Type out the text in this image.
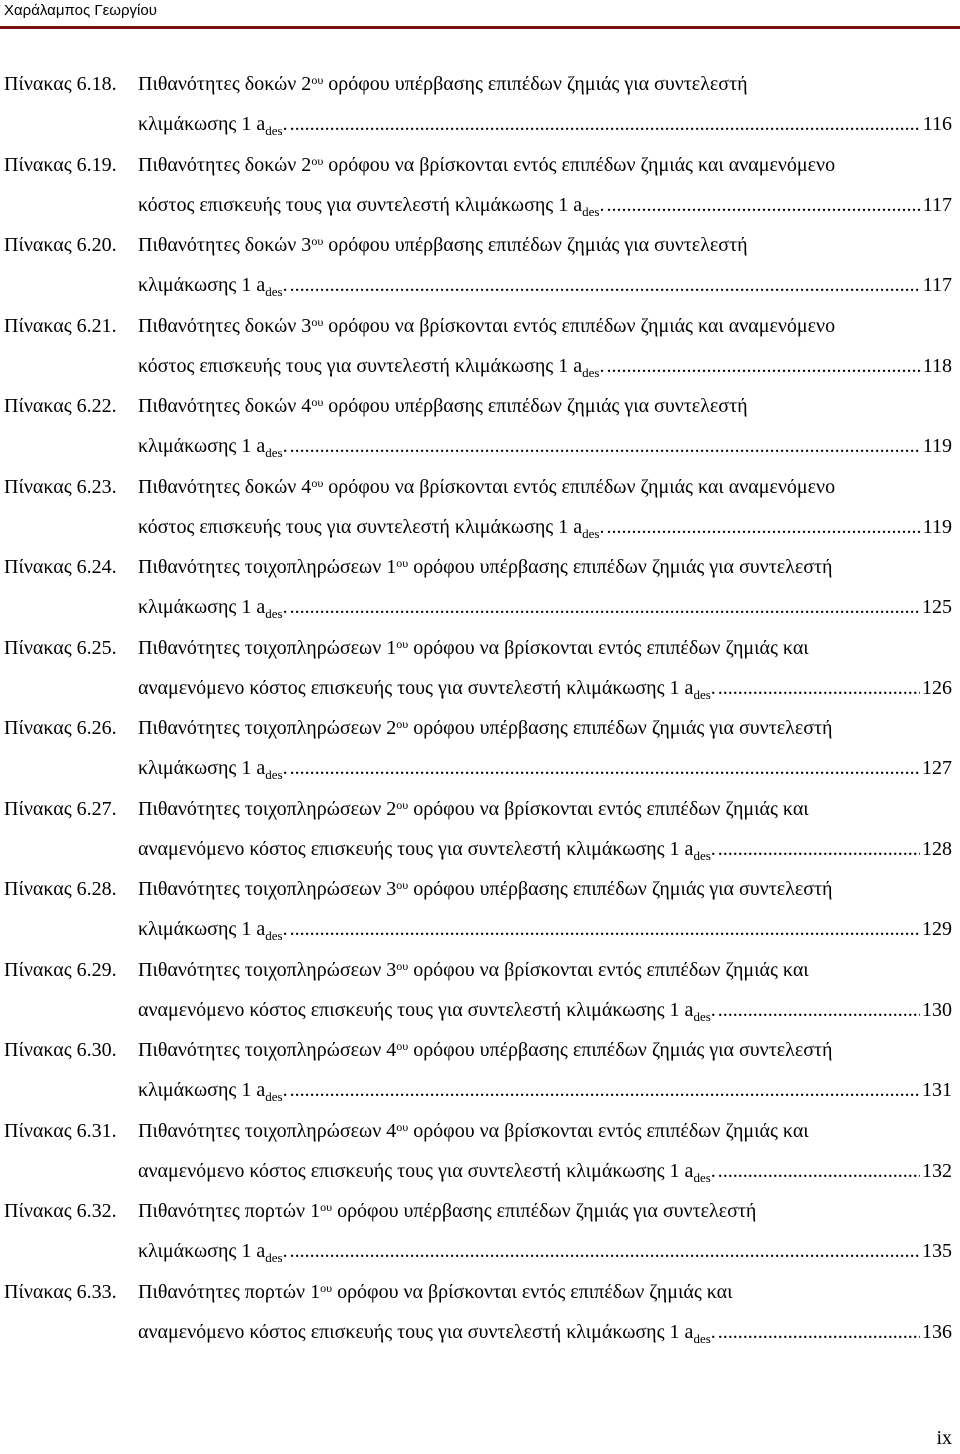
Χαράλαμπος Γεωργίου
Πίνακας 6.18. Πιθανότητες δοκών $2^{o\upsilon}$ ορόφου υπέρβασης επιπέδων ζημιάς για συντελεστή
κλιμάκωσης 1 $a_{des}$. .....	116
Πίνακας 6.19. Πιθανότητες δοκών $2^{o\upsilon}$ ορόφου να βρίσκονται εντός επιπέδων ζημιάς και αναμενόμενο
κόστος επισκευής τους για συντελεστή κλιμάκωσης 1 $a_{des}$. .....	117
Πίνακας 6.20. Πιθανότητες δοκών $3^{o\upsilon}$ ορόφου υπέρβασης επιπέδων ζημιάς για συντελεστή
κλιμάκωσης 1 $a_{des}$. .....	117
Πίνακας 6.21. Πιθανότητες δοκών $3^{o\upsilon}$ ορόφου να βρίσκονται εντός επιπέδων ζημιάς και αναμενόμενο
κόστος επισκευής τους για συντελεστή κλιμάκωσης 1 $a_{des}$. .....	118
Πίνακας 6.22. Πιθανότητες δοκών $4^{o\upsilon}$ ορόφου υπέρβασης επιπέδων ζημιάς για συντελεστή
κλιμάκωσης 1 $a_{des}$. .....	119
Πίνακας 6.23. Πιθανότητες δοκών $4^{o\upsilon}$ ορόφου να βρίσκονται εντός επιπέδων ζημιάς και αναμενόμενο
κόστος επισκευής τους για συντελεστή κλιμάκωσης 1 $a_{des}$. .....	119
Πίνακας 6.24. Πιθανότητες τοιχοπληρώσεων $1^{o\upsilon}$ ορόφου υπέρβασης επιπέδων ζημιάς για συντελεστή
κλιμάκωσης 1 $a_{des}$. .....	125
Πίνακας 6.25. Πιθανότητες τοιχοπληρώσεων $1^{o\upsilon}$ ορόφου να βρίσκονται εντός επιπέδων ζημιάς και
αναμενόμενο κόστος επισκευής τους για συντελεστή κλιμάκωσης 1 $a_{des}$. .....	126
Πίνακας 6.26. Πιθανότητες τοιχοπληρώσεων $2^{o\upsilon}$ ορόφου υπέρβασης επιπέδων ζημιάς για συντελεστή
κλιμάκωσης 1 $a_{des}$. .....	127
Πίνακας 6.27. Πιθανότητες τοιχοπληρώσεων $2^{o\upsilon}$ ορόφου να βρίσκονται εντός επιπέδων ζημιάς και
αναμενόμενο κόστος επισκευής τους για συντελεστή κλιμάκωσης 1 $a_{des}$. .....	128
Πίνακας 6.28. Πιθανότητες τοιχοπληρώσεων $3^{o\upsilon}$ ορόφου υπέρβασης επιπέδων ζημιάς για συντελεστή
κλιμάκωσης 1 $a_{des}$. .....	129
Πίνακας 6.29. Πιθανότητες τοιχοπληρώσεων $3^{o\upsilon}$ ορόφου να βρίσκονται εντός επιπέδων ζημιάς και
αναμενόμενο κόστος επισκευής τους για συντελεστή κλιμάκωσης 1 $a_{des}$. .....	130
Πίνακας 6.30. Πιθανότητες τοιχοπληρώσεων $4^{o\upsilon}$ ορόφου υπέρβασης επιπέδων ζημιάς για συντελεστή
κλιμάκωσης 1 $a_{des}$. .....	131
Πίνακας 6.31. Πιθανότητες τοιχοπληρώσεων $4^{o\upsilon}$ ορόφου να βρίσκονται εντός επιπέδων ζημιάς και
αναμενόμενο κόστος επισκευής τους για συντελεστή κλιμάκωσης 1 $a_{des}$. .....	132
Πίνακας 6.32. Πιθανότητες πορτών $1^{o\upsilon}$ ορόφου υπέρβασης επιπέδων ζημιάς για συντελεστή
κλιμάκωσης 1 $a_{des}$. .....	135
Πίνακας 6.33. Πιθανότητες πορτών $1^{o\upsilon}$ ορόφου να βρίσκονται εντός επιπέδων ζημιάς και
αναμενόμενο κόστος επισκευής τους για συντελεστή κλιμάκωσης 1 $a_{des}$. .....	136
ix
